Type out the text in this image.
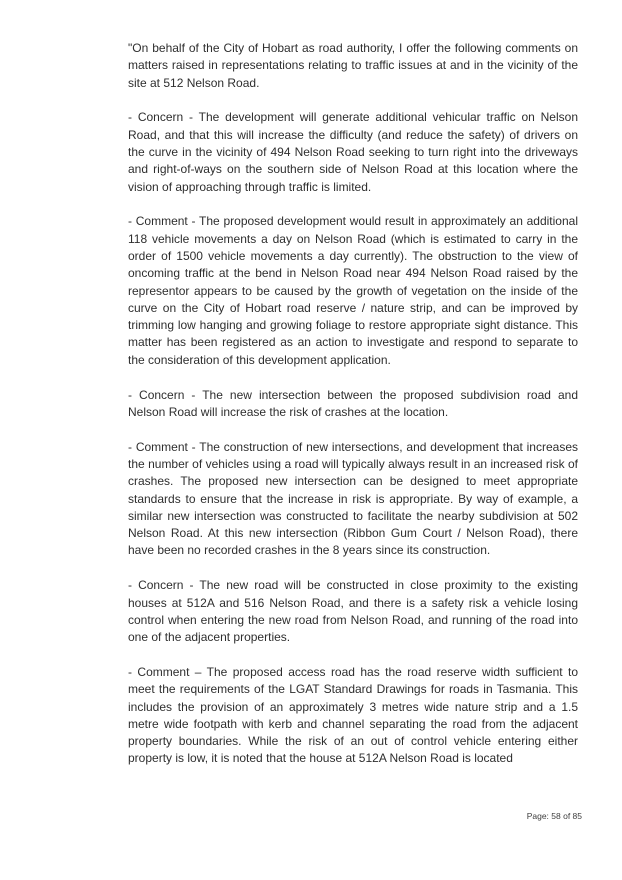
"On behalf of the City of Hobart as road authority, I offer the following comments on matters raised in representations relating to traffic issues at and in the vicinity of the site at 512 Nelson Road.

- Concern - The development will generate additional vehicular traffic on Nelson Road, and that this will increase the difficulty (and reduce the safety) of drivers on the curve in the vicinity of 494 Nelson Road seeking to turn right into the driveways and right-of-ways on the southern side of Nelson Road at this location where the vision of approaching through traffic is limited.

- Comment - The proposed development would result in approximately an additional 118 vehicle movements a day on Nelson Road (which is estimated to carry in the order of 1500 vehicle movements a day currently). The obstruction to the view of oncoming traffic at the bend in Nelson Road near 494 Nelson Road raised by the representor appears to be caused by the growth of vegetation on the inside of the curve on the City of Hobart road reserve / nature strip, and can be improved by trimming low hanging and growing foliage to restore appropriate sight distance. This matter has been registered as an action to investigate and respond to separate to the consideration of this development application.

- Concern - The new intersection between the proposed subdivision road and Nelson Road will increase the risk of crashes at the location.

- Comment - The construction of new intersections, and development that increases the number of vehicles using a road will typically always result in an increased risk of crashes. The proposed new intersection can be designed to meet appropriate standards to ensure that the increase in risk is appropriate. By way of example, a similar new intersection was constructed to facilitate the nearby subdivision at 502 Nelson Road. At this new intersection (Ribbon Gum Court / Nelson Road), there have been no recorded crashes in the 8 years since its construction.

- Concern - The new road will be constructed in close proximity to the existing houses at 512A and 516 Nelson Road, and there is a safety risk a vehicle losing control when entering the new road from Nelson Road, and running of the road into one of the adjacent properties.

- Comment – The proposed access road has the road reserve width sufficient to meet the requirements of the LGAT Standard Drawings for roads in Tasmania. This includes the provision of an approximately 3 metres wide nature strip and a 1.5 metre wide footpath with kerb and channel separating the road from the adjacent property boundaries. While the risk of an out of control vehicle entering either property is low, it is noted that the house at 512A Nelson Road is located

Page: 58 of 85
